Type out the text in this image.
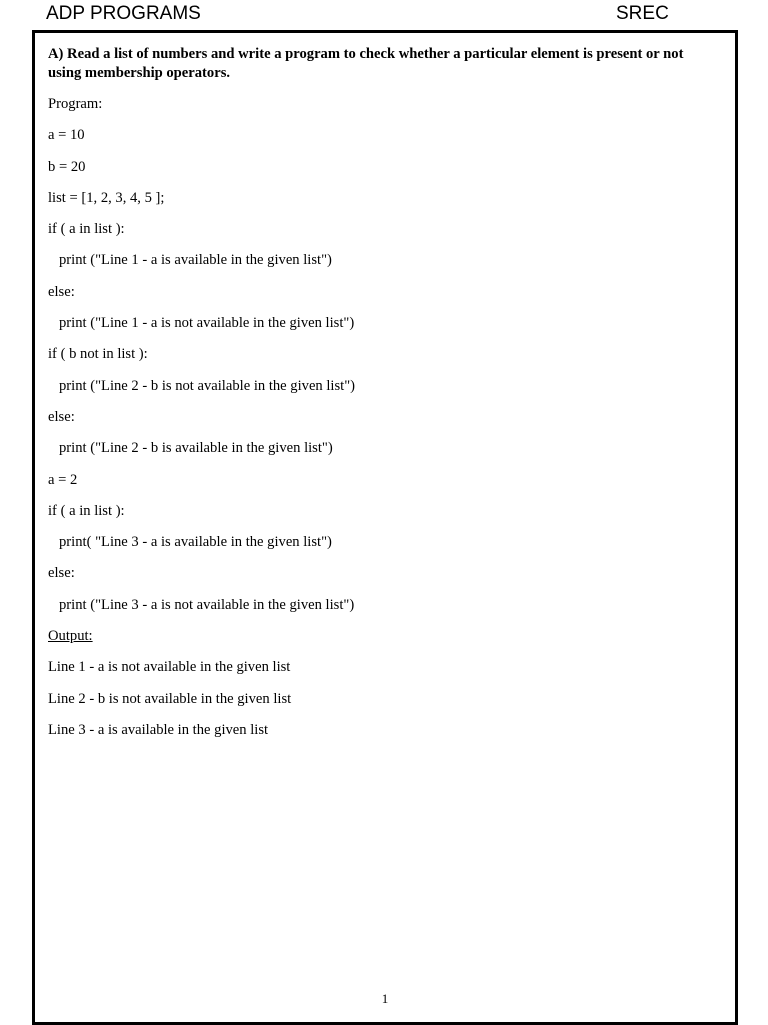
ADP PROGRAMS	SREC

A) Read a list of numbers and write a program to check whether a particular element is present or not using membership operators.

Program:

a = 10

b = 20

list = [1, 2, 3, 4, 5 ];

if ( a in list ):

print ("Line 1 - a is available in the given list")

else:

print ("Line 1 - a is not available in the given list")

if ( b not in list ):

print ("Line 2 - b is not available in the given list")

else:

print ("Line 2 - b is available in the given list")

a = 2

if ( a in list ):

print( "Line 3 - a is available in the given list")

else:

print ("Line 3 - a is not available in the given list")

Output:

Line 1 - a is not available in the given list

Line 2 - b is not available in the given list

Line 3 - a is available in the given list

1
